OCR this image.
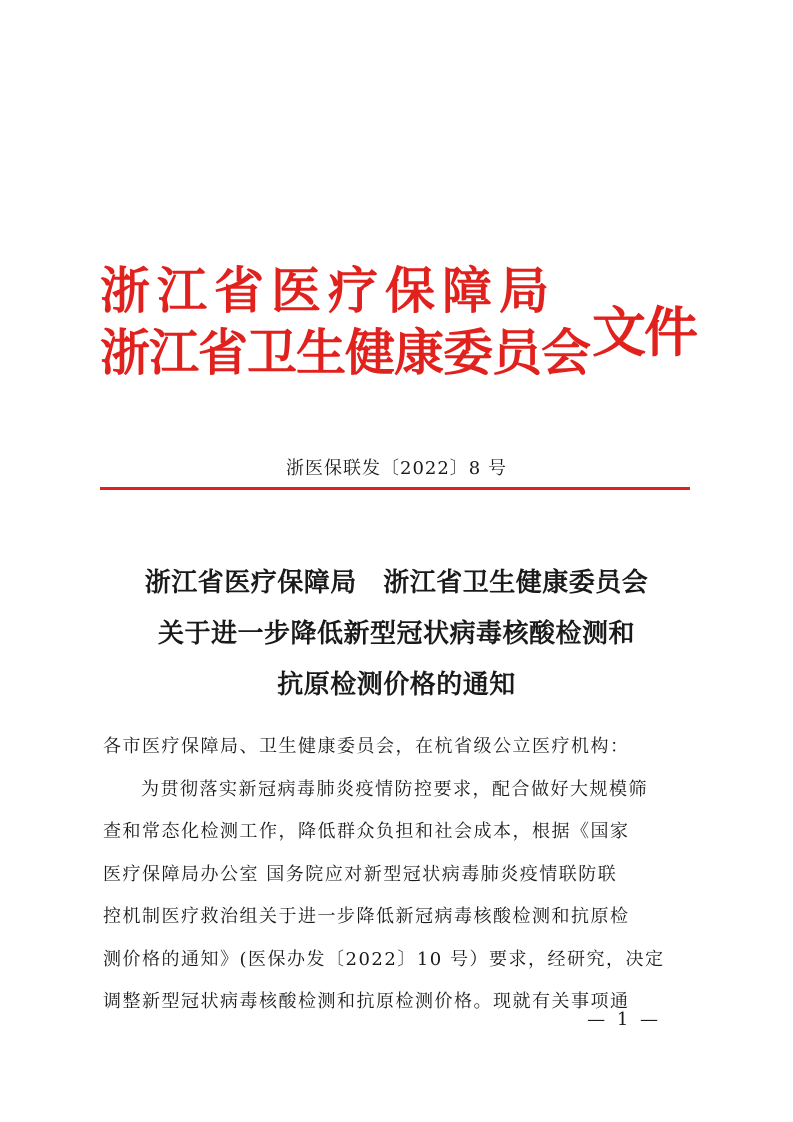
浙江省医疗保障局
浙江省卫生健康委员会 文件
浙医保联发〔2022〕8 号
浙江省医疗保障局　浙江省卫生健康委员会
关于进一步降低新型冠状病毒核酸检测和
抗原检测价格的通知
各市医疗保障局、卫生健康委员会，在杭省级公立医疗机构：
为贯彻落实新冠病毒肺炎疫情防控要求，配合做好大规模筛
查和常态化检测工作，降低群众负担和社会成本，根据《国家
医疗保障局办公室 国务院应对新型冠状病毒肺炎疫情联防联
控机制医疗救治组关于进一步降低新冠病毒核酸检测和抗原检
测价格的通知》(医保办发〔2022〕10 号）要求，经研究，决定
调整新型冠状病毒核酸检测和抗原检测价格。现就有关事项通
— 1 —
